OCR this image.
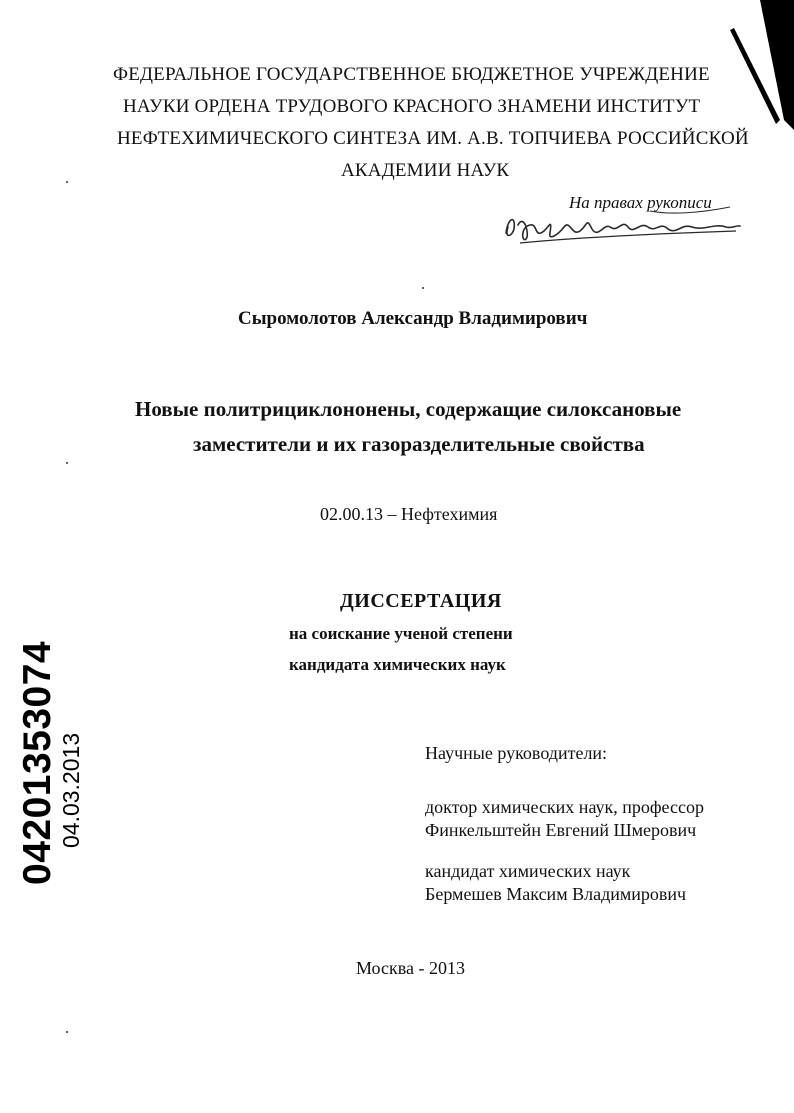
ФЕДЕРАЛЬНОЕ ГОСУДАРСТВЕННОЕ БЮДЖЕТНОЕ УЧРЕЖДЕНИЕ
НАУКИ ОРДЕНА ТРУДОВОГО КРАСНОГО ЗНАМЕНИ ИНСТИТУТ
НЕФТЕХИМИЧЕСКОГО СИНТЕЗА ИМ. А.В. ТОПЧИЕВА РОССИЙСКОЙ
АКАДЕМИИ НАУК
На правах рукописи
Сыромолотов Александр Владимирович
Новые политрициклононены, содержащие силоксановые
заместители и их газоразделительные свойства
02.00.13 – Нефтехимия
ДИССЕРТАЦИЯ
на соискание ученой степени
кандидата химических наук
04201353074 04.03.2013	Научные руководители:
доктор химических наук, профессор
Финкельштейн Евгений Шмерович
кандидат химических наук
Бермешев Максим Владимирович
Москва - 2013
